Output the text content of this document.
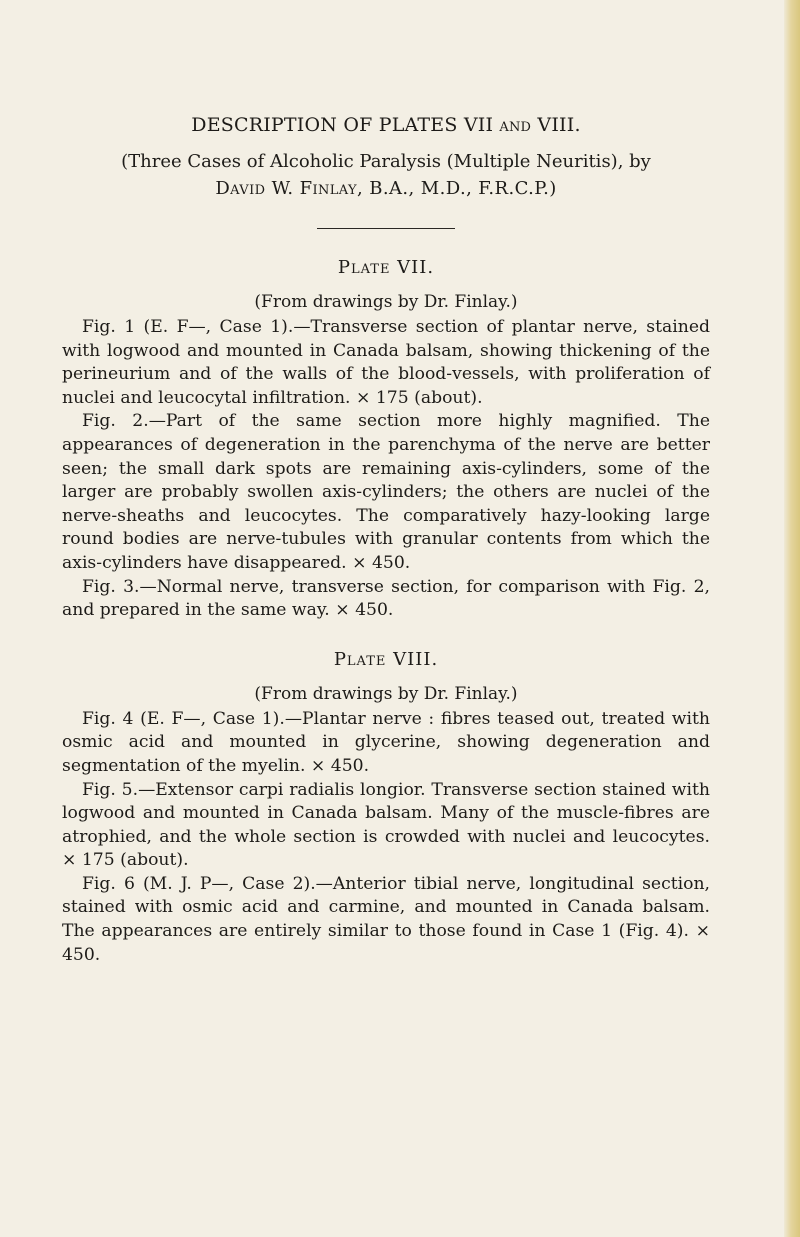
DESCRIPTION OF PLATES VII AND VIII.

(Three Cases of Alcoholic Paralysis (Multiple Neuritis), by
David W. Finlay, B.A., M.D., F.R.C.P.)

Plate VII.

(From drawings by Dr. Finlay.)

Fig. 1 (E. F—, Case 1).—Transverse section of plantar nerve, stained with logwood and mounted in Canada balsam, showing thickening of the perineurium and of the walls of the blood-vessels, with proliferation of nuclei and leucocytal infiltration. × 175 (about).

Fig. 2.—Part of the same section more highly magnified. The appearances of degeneration in the parenchyma of the nerve are better seen; the small dark spots are remaining axis-cylinders, some of the larger are probably swollen axis-cylinders; the others are nuclei of the nerve-sheaths and leucocytes. The comparatively hazy-looking large round bodies are nerve-tubules with granular contents from which the axis-cylinders have disappeared. × 450.

Fig. 3.—Normal nerve, transverse section, for comparison with Fig. 2, and prepared in the same way. × 450.

Plate VIII.

(From drawings by Dr. Finlay.)

Fig. 4 (E. F—, Case 1).—Plantar nerve : fibres teased out, treated with osmic acid and mounted in glycerine, showing degeneration and segmentation of the myelin. × 450.

Fig. 5.—Extensor carpi radialis longior. Transverse section stained with logwood and mounted in Canada balsam. Many of the muscle-fibres are atrophied, and the whole section is crowded with nuclei and leucocytes. × 175 (about).

Fig. 6 (M. J. P—, Case 2).—Anterior tibial nerve, longitudinal section, stained with osmic acid and carmine, and mounted in Canada balsam. The appearances are entirely similar to those found in Case 1 (Fig. 4). × 450.
